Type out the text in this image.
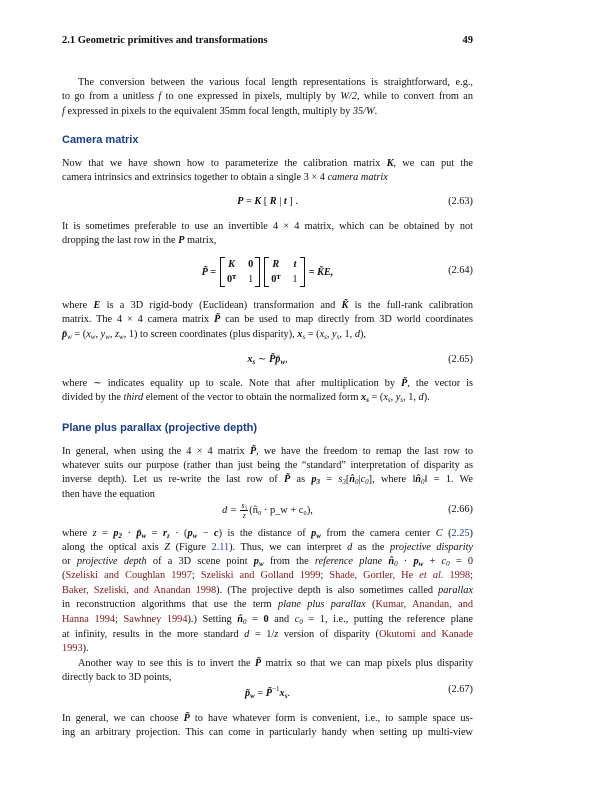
2.1 Geometric primitives and transformations	49
The conversion between the various focal length representations is straightforward, e.g.,
to go from a unitless f to one expressed in pixels, multiply by W/2, while to convert from an
f expressed in pixels to the equivalent 35mm focal length, multiply by 35/W.
Camera matrix
Now that we have shown how to parameterize the calibration matrix K, we can put the
camera intrinsics and extrinsics together to obtain a single 3 × 4 camera matrix
P = K [ R | t ] .	(2.63)
It is sometimes preferable to use an invertible 4 × 4 matrix, which can be obtained by not
dropping the last row in the P matrix,
where E is a 3D rigid-body (Euclidean) transformation and K̃ is the full-rank calibration
matrix. The 4 × 4 camera matrix P̃ can be used to map directly from 3D world coordinates
$p̄_w = (x_w$, $y_w$, $z_w$, 1) to screen coordinates (plus disparity), $x_s = (x_s$, $y_s$, 1, d),
xs ∼ P̃p̄w,	(2.65)
where ∼ indicates equality up to scale. Note that after multiplication by P̃, the vector is
divided by the third element of the vector to obtain the normalized form xs = ($x_s$, $y_s$, 1, d).
Plane plus parallax (projective depth)
In general, when using the 4 × 4 matrix P̃, we have the freedom to remap the last row to
whatever suits our purpose (rather than just being the “standard” interpretation of disparity as
inverse depth). Let us re-write the last row of P̃ as $p3 = s_3[n̂_0|c_0]$, where $‖n̂_0‖ = 1$. We
then have the equation
where z = p2 · p̄w = rz · (pw − c) is the distance of pw from the camera center C (2.25)
along the optical axis Z (Figure 2.11). Thus, we can interpret d as the projective disparity
or projective depth of a 3D scene point pw from the reference plane $n̂_0$ · pw + $c_0 = 0$
(Szeliski and Coughlan 1997; Szeliski and Golland 1999; Shade, Gortler, He et al. 1998;
Baker, Szeliski, and Anandan 1998). (The projective depth is also sometimes called parallax
in reconstruction algorithms that use the term plane plus parallax (Kumar, Anandan, and
Hanna 1994; Sawhney 1994).) Setting $n̂_0 = 0$ and $c_0 = 1$, i.e., putting the reference plane
at infinity, results in the more standard d = 1/z version of disparity (Okutomi and Kanade
1993).
Another way to see this is to invert the P̃ matrix so that we can map pixels plus disparity
directly back to 3D points,
p̃w = P̃$^{-1}$xs.	(2.67)
In general, we can choose P̃ to have whatever form is convenient, i.e., to sample space us-
ing an arbitrary projection. This can come in particularly handy when setting up multi-view
P̃ =
K 0
0ᵀ 1
R t
0ᵀ 1
= K̃E,	(2.64)
$d = \frac{\text{s₃}}{z}$ (n̂₀ · p_w + c₀),	(2.66)
